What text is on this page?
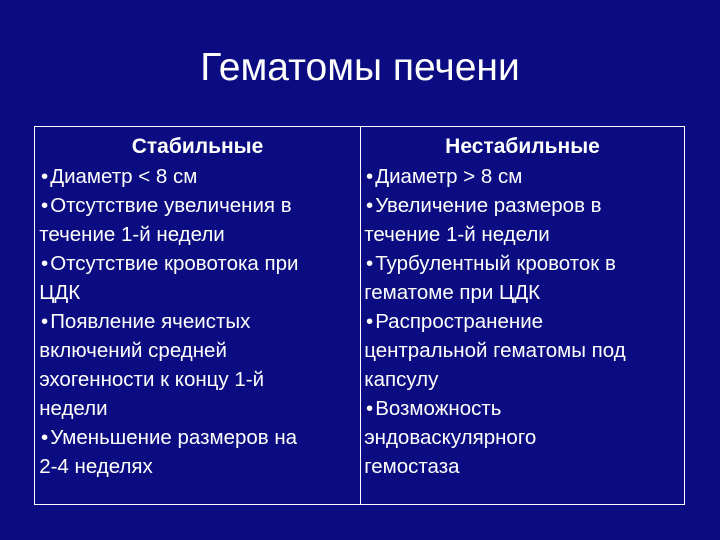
Гематомы печени
Стабильные
• Диаметр < 8 см
• Отсутствие увеличения в
течение 1-й недели
• Отсутствие кровотока при
ЦДК
• Появление ячеистых
включений средней
эхогенности к концу 1-й
недели
• Уменьшение размеров на
2-4 неделях
Нестабильные
• Диаметр > 8 см
• Увеличение размеров в
течение 1-й недели
• Турбулентный кровоток в
гематоме при ЦДК
• Распространение
центральной гематомы под
капсулу
• Возможность
эндоваскулярного
гемостаза
